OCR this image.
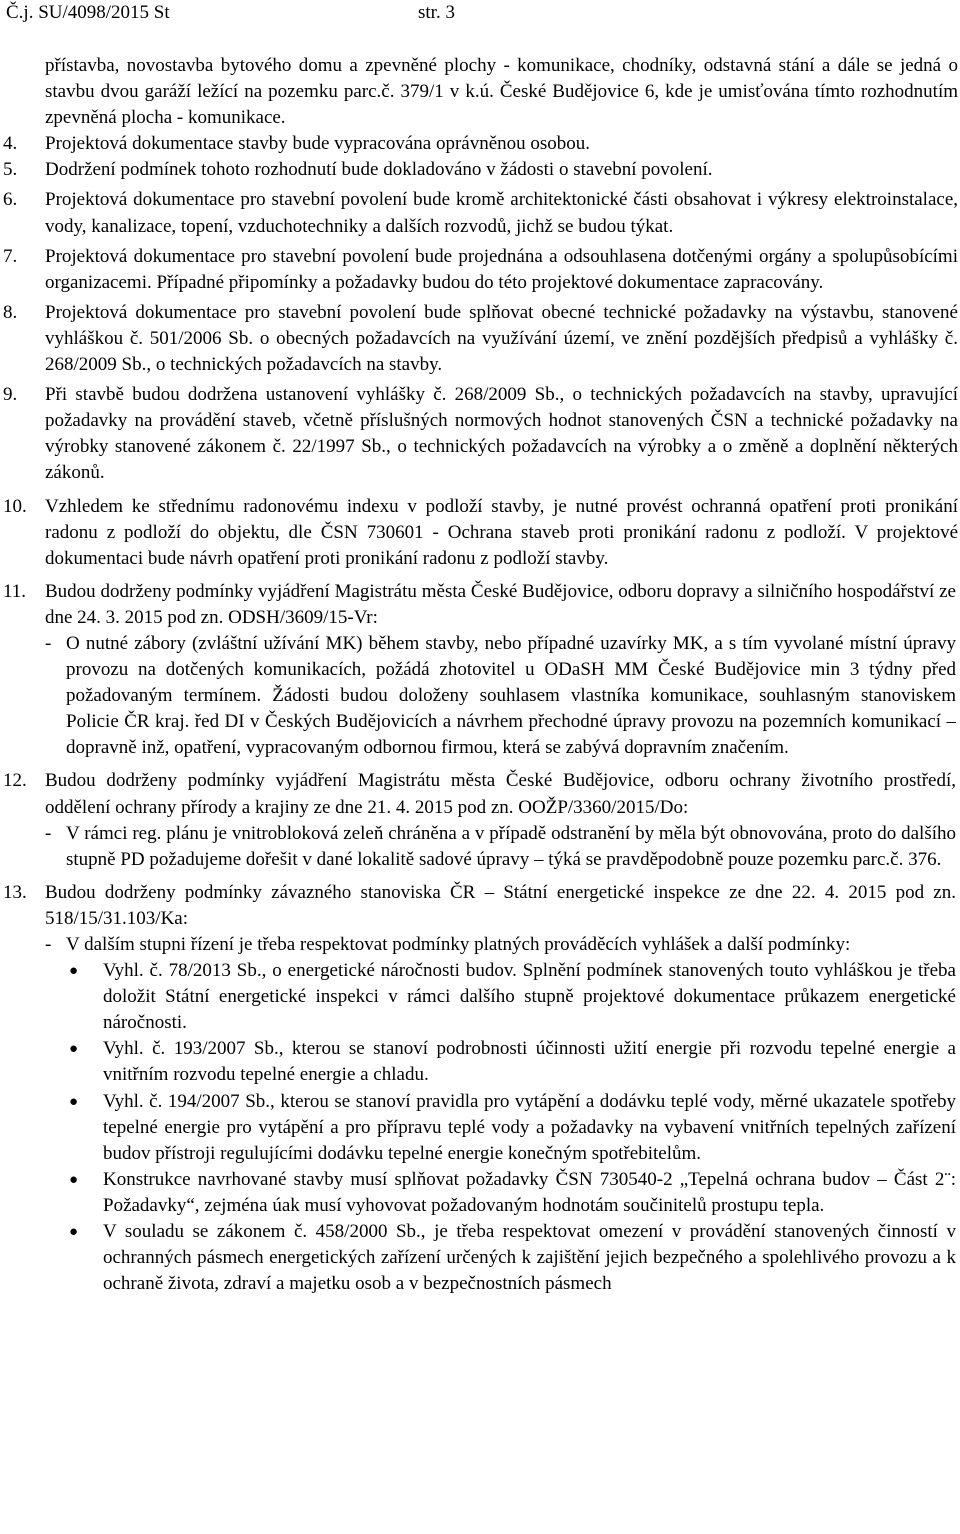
Č.j. SU/4098/2015 St	str. 3
přístavba, novostavba bytového domu a zpevněné plochy - komunikace, chodníky, odstavná stání a dále se jedná o stavbu dvou garáží ležící na pozemku parc.č. 379/1 v k.ú. České Budějovice 6, kde je umisťována tímto rozhodnutím zpevněná plocha - komunikace.
4. Projektová dokumentace stavby bude vypracována oprávněnou osobou.
5. Dodržení podmínek tohoto rozhodnutí bude dokladováno v žádosti o stavební povolení.
6. Projektová dokumentace pro stavební povolení bude kromě architektonické části obsahovat i výkresy elektroinstalace, vody, kanalizace, topení, vzduchotechniky a dalších rozvodů, jichž se budou týkat.
7. Projektová dokumentace pro stavební povolení bude projednána a odsouhlasena dotčenými orgány a spolupůsobícími organizacemi. Případné připomínky a požadavky budou do této projektové dokumentace zapracovány.
8. Projektová dokumentace pro stavební povolení bude splňovat obecné technické požadavky na výstavbu, stanovené vyhláškou č. 501/2006 Sb. o obecných požadavcích na využívání území, ve znění pozdějších předpisů a vyhlášky č. 268/2009 Sb., o technických požadavcích na stavby.
9. Při stavbě budou dodržena ustanovení vyhlášky č. 268/2009 Sb., o technických požadavcích na stavby, upravující požadavky na provádění staveb, včetně příslušných normových hodnot stanovených ČSN a technické požadavky na výrobky stanovené zákonem č. 22/1997 Sb., o technických požadavcích na výrobky a o změně a doplnění některých zákonů.
10. Vzhledem ke střednímu radonovému indexu v podloží stavby, je nutné provést ochranná opatření proti pronikání radonu z podloží do objektu, dle ČSN 730601 - Ochrana staveb proti pronikání radonu z podloží. V projektové dokumentaci bude návrh opatření proti pronikání radonu z podloží stavby.
11. Budou dodrženy podmínky vyjádření Magistrátu města České Budějovice, odboru dopravy a silničního hospodářství ze dne 24. 3. 2015 pod zn. ODSH/3609/15-Vr:
- O nutné zábory (zvláštní užívání MK) během stavby, nebo případné uzavírky MK, a s tím vyvolané místní úpravy provozu na dotčených komunikacích, požádá zhotovitel u ODaSH MM České Budějovice min 3 týdny před požadovaným termínem. Žádosti budou doloženy souhlasem vlastníka komunikace, souhlasným stanoviskem Policie ČR kraj. řed DI v Českých Budějovicích a návrhem přechodné úpravy provozu na pozemních komunikací – dopravně inž, opatření, vypracovaným odbornou firmou, která se zabývá dopravním značením.
12. Budou dodrženy podmínky vyjádření Magistrátu města České Budějovice, odboru ochrany životního prostředí, oddělení ochrany přírody a krajiny ze dne 21. 4. 2015 pod zn. OOŽP/3360/2015/Do:
- V rámci reg. plánu je vnitrobloková zeleň chráněna a v případě odstranění by měla být obnovována, proto do dalšího stupně PD požadujeme dořešit v dané lokalitě sadové úpravy – týká se pravděpodobně pouze pozemku parc.č. 376.
13. Budou dodrženy podmínky závazného stanoviska ČR – Státní energetické inspekce ze dne 22. 4. 2015 pod zn. 518/15/31.103/Ka:
- V dalším stupni řízení je třeba respektovat podmínky platných prováděcích vyhlášek a další podmínky:
● Vyhl. č. 78/2013 Sb., o energetické náročnosti budov. Splnění podmínek stanovených touto vyhláškou je třeba doložit Státní energetické inspekci v rámci dalšího stupně projektové dokumentace průkazem energetické náročnosti.
● Vyhl. č. 193/2007 Sb., kterou se stanoví podrobnosti účinnosti užití energie při rozvodu tepelné energie a vnitřním rozvodu tepelné energie a chladu.
● Vyhl. č. 194/2007 Sb., kterou se stanoví pravidla pro vytápění a dodávku teplé vody, měrné ukazatele spotřeby tepelné energie pro vytápění a pro přípravu teplé vody a požadavky na vybavení vnitřních tepelných zařízení budov přístroji regulujícími dodávku tepelné energie konečným spotřebitelům.
● Konstrukce navrhované stavby musí splňovat požadavky ČSN 730540-2 „Tepelná ochrana budov – Část 2¨: Požadavky“, zejména úak musí vyhovovat požadovaným hodnotám součinitelů prostupu tepla.
● V souladu se zákonem č. 458/2000 Sb., je třeba respektovat omezení v provádění stanovených činností v ochranných pásmech energetických zařízení určených k zajištění jejich bezpečného a spolehlivého provozu a k ochraně života, zdraví a majetku osob a v bezpečnostních pásmech
